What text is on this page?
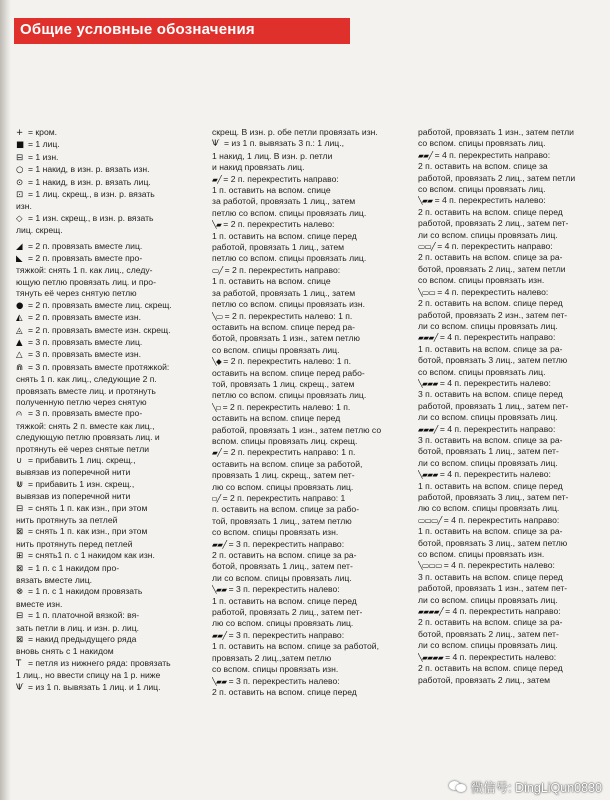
Общие условные обозначения
+ = кром.
■ = 1 лиц.
⊟ = 1 изн.
○ = 1 накид, в изн. р. вязать изн.
⊙ = 1 накид, в изн. р. вязать лиц.
⊡ = 1 лиц. скрещ., в изн. р. вязать
изн.
◇ = 1 изн. скрещ., в изн. р. вязать
лиц. скрещ.
◢ = 2 п. провязать вместе лиц.
◣ = 2 п. провязать вместе про-
тяжкой: снять 1 п. как лиц., следу-
ющую петлю провязать лиц. и про-
тянуть её через снятую петлю
● = 2 п. провязать вместе лиц. скрещ.
◭ = 2 п. провязать вместе изн.
◬ = 2 п. провязать вместе изн. скрещ.
▲ = 3 п. провязать вместе лиц.
△ = 3 п. провязать вместе изн.
⋒ = 3 п. провязать вместе протяжкой:
снять 1 п. как лиц., следующие 2 п.
провязать вместе лиц. и протянуть
полученную петлю через снятую
⩀ = 3 п. провязать вместе про-
тяжкой: снять 2 п. вместе как лиц.,
следующую петлю провязать лиц. и
протянуть её через снятые петли
∪ = прибавить 1 лиц. скрещ.,
вывязав из поперечной нити
⋓ = прибавить 1 изн. скрещ.,
вывязав из поперечной нити
⊟ = снять 1 п. как изн., при этом
нить протянуть за петлей
⊠ = снять 1 п. как изн., при этом
нить протянуть перед петлей
⊞ = снять1 п. с 1 накидом как изн.
⊠ = 1 п. с 1 накидом про-
вязать вместе лиц.
⊗ = 1 п. с 1 накидом провязать
вместе изн.
⊟ = 1 п. платочной вязкой: вя-
зать петли в лиц. и изн. р. лиц.
⊠ = накид предыдущего ряда
вновь снять с 1 накидом
T = петля из нижнего ряда: провязать
1 лиц., но ввести спицу на 1 р. ниже
Ѱ = из 1 п. вывязать 1 лиц. и 1 лиц.
скрещ. В изн. р. обе петли провязать изн.
Ѱ = из 1 п. вывязать 3 п.: 1 лиц.,
1 накид, 1 лиц. В изн. р. петли
и накид провязать лиц.
▰╱ = 2 п. перекрестить направо:
1 п. оставить на вспом. спице
за работой, провязать 1 лиц., затем
петлю со вспом. спицы провязать лиц.
╲▰ = 2 п. перекрестить налево:
1 п. оставить на вспом. спице перед
работой, провязать 1 лиц., затем
петлю со вспом. спицы провязать лиц.
▭╱ = 2 п. перекрестить направо:
1 п. оставить на вспом. спице
за работой, провязать 1 лиц., затем
петлю со вспом. спицы провязать изн.
╲▭ = 2 п. перекрестить налево: 1 п.
оставить на вспом. спице перед ра-
ботой, провязать 1 изн., затем петлю
со вспом. спицы провязать лиц.
╲◆ = 2 п. перекрестить налево: 1 п.
оставить на вспом. спице перед рабо-
той, провязать 1 лиц. скрещ., затем
петлю со вспом. спицы провязать лиц.
╲▫ = 2 п. перекрестить налево: 1 п.
оставить на вспом. спице перед
работой, провязать 1 изн., затем петлю со
вспом. спицы провязать лиц. скрещ.
▰╱ = 2 п. перекрестить направо: 1 п.
оставить на вспом. спице за работой,
провязать 1 лиц. скрещ., затем пет-
лю со вспом. спицы провязать лиц.
▫╱ = 2 п. перекрестить направо: 1
п. оставить на вспом. спице за рабо-
той, провязать 1 лиц., затем петлю
со вспом. спицы провязать изн.
▰▰╱ = 3 п. перекрестить направо:
2 п. оставить на вспом. спице за ра-
ботой, провязать 1 лиц., затем пет-
ли со вспом. спицы провязать лиц.
╲▰▰ = 3 п. перекрестить налево:
1 п. оставить на вспом. спице перед
работой, провязать 2 лиц., затем пет-
лю со вспом. спицы провязать лиц.
▰▰╱ = 3 п. перекрестить направо:
1 п. оставить на вспом. спице за работой,
провязать 2 лиц.,затем петлю
со вспом. спицы провязать изн.
╲▰▰ = 3 п. перекрестить налево:
2 п. оставить на вспом. спице перед
работой, провязать 1 изн., затем петли
со вспом. спицы провязать лиц.
▰▰╱ = 4 п. перекрестить направо:
2 п. оставить на вспом. спице за
работой, провязать 2 лиц., затем петли
со вспом. спицы провязать лиц.
╲▰▰ = 4 п. перекрестить налево:
2 п. оставить на вспом. спице перед
работой, провязать 2 лиц., затем пет-
ли со вспом. спицы провязать лиц.
▭▭╱ = 4 п. перекрестить направо:
2 п. оставить на вспом. спице за ра-
ботой, провязать 2 лиц., затем петли
со вспом. спицы провязать изн.
╲▭▭ = 4 п. перекрестить налево:
2 п. оставить на вспом. спице перед
работой, провязать 2 изн., затем пет-
ли со вспом. спицы провязать лиц.
▰▰▰╱ = 4 п. перекрестить направо:
1 п. оставить на вспом. спице за ра-
ботой, провязать 3 лиц., затем петлю
со вспом. спицы провязать лиц.
╲▰▰▰ = 4 п. перекрестить налево:
3 п. оставить на вспом. спице перед
работой, провязать 1 лиц., затем пет-
ли со вспом. спицы провязать лиц.
▰▰▰╱ = 4 п. перекрестить направо:
3 п. оставить на вспом. спице за ра-
ботой, провязать 1 лиц., затем пет-
ли со вспом. спицы провязать лиц.
╲▰▰▰ = 4 п. перекрестить налево:
1 п. оставить на вспом. спице перед
работой, провязать 3 лиц., затем пет-
лю со вспом. спицы провязать лиц.
▭▭▭╱ = 4 п. перекрестить направо:
1 п. оставить на вспом. спице за ра-
ботой, провязать 3 лиц., затем петлю
со вспом. спицы провязать изн.
╲▭▭▭ = 4 п. перекрестить налево:
3 п. оставить на вспом. спице перед
работой, провязать 1 изн., затем пет-
ли со вспом. спицы провязать лиц.
▰▰▰▰╱ = 4 п. перекрестить направо:
2 п. оставить на вспом. спице за ра-
ботой, провязать 2 лиц., затем пет-
ли со вспом. спицы провязать лиц.
╲▰▰▰▰ = 4 п. перекрестить налево:
2 п. оставить на вспом. спице перед
работой, провязать 2 лиц., затем
微信号: DingLiQun0830
